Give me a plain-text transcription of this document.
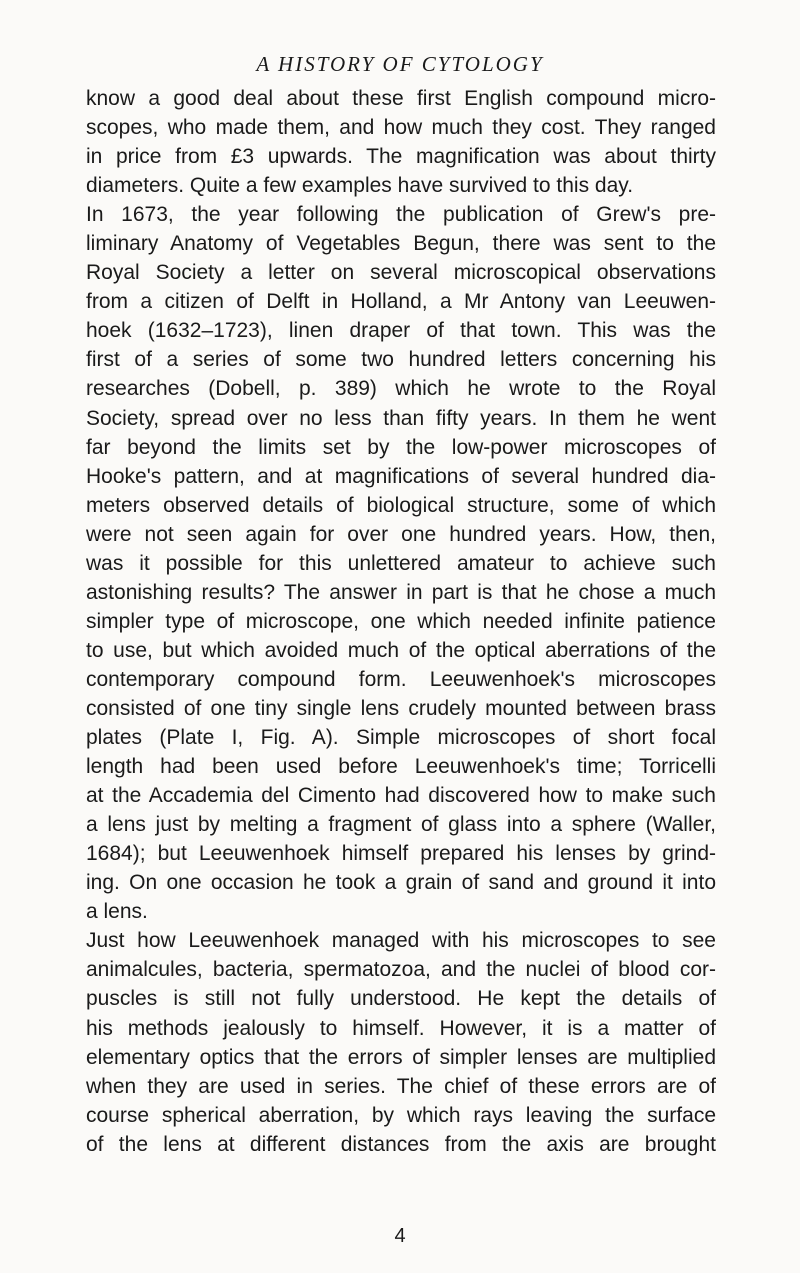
A HISTORY OF CYTOLOGY
know a good deal about these first English compound micro-
scopes, who made them, and how much they cost. They ranged
in price from £3 upwards. The magnification was about thirty
diameters. Quite a few examples have survived to this day.
In 1673, the year following the publication of Grew's pre-
liminary Anatomy of Vegetables Begun, there was sent to the
Royal Society a letter on several microscopical observations
from a citizen of Delft in Holland, a Mr Antony van Leeuwen-
hoek (1632–1723), linen draper of that town. This was the
first of a series of some two hundred letters concerning his
researches (Dobell, p. 389) which he wrote to the Royal
Society, spread over no less than fifty years. In them he went
far beyond the limits set by the low-power microscopes of
Hooke's pattern, and at magnifications of several hundred dia-
meters observed details of biological structure, some of which
were not seen again for over one hundred years. How, then,
was it possible for this unlettered amateur to achieve such
astonishing results? The answer in part is that he chose a much
simpler type of microscope, one which needed infinite patience
to use, but which avoided much of the optical aberrations of the
contemporary compound form. Leeuwenhoek's microscopes
consisted of one tiny single lens crudely mounted between brass
plates (Plate I, Fig. A). Simple microscopes of short focal
length had been used before Leeuwenhoek's time; Torricelli
at the Accademia del Cimento had discovered how to make such
a lens just by melting a fragment of glass into a sphere (Waller,
1684); but Leeuwenhoek himself prepared his lenses by grind-
ing. On one occasion he took a grain of sand and ground it into
a lens.
Just how Leeuwenhoek managed with his microscopes to see
animalcules, bacteria, spermatozoa, and the nuclei of blood cor-
puscles is still not fully understood. He kept the details of
his methods jealously to himself. However, it is a matter of
elementary optics that the errors of simpler lenses are multiplied
when they are used in series. The chief of these errors are of
course spherical aberration, by which rays leaving the surface
of the lens at different distances from the axis are brought
4
